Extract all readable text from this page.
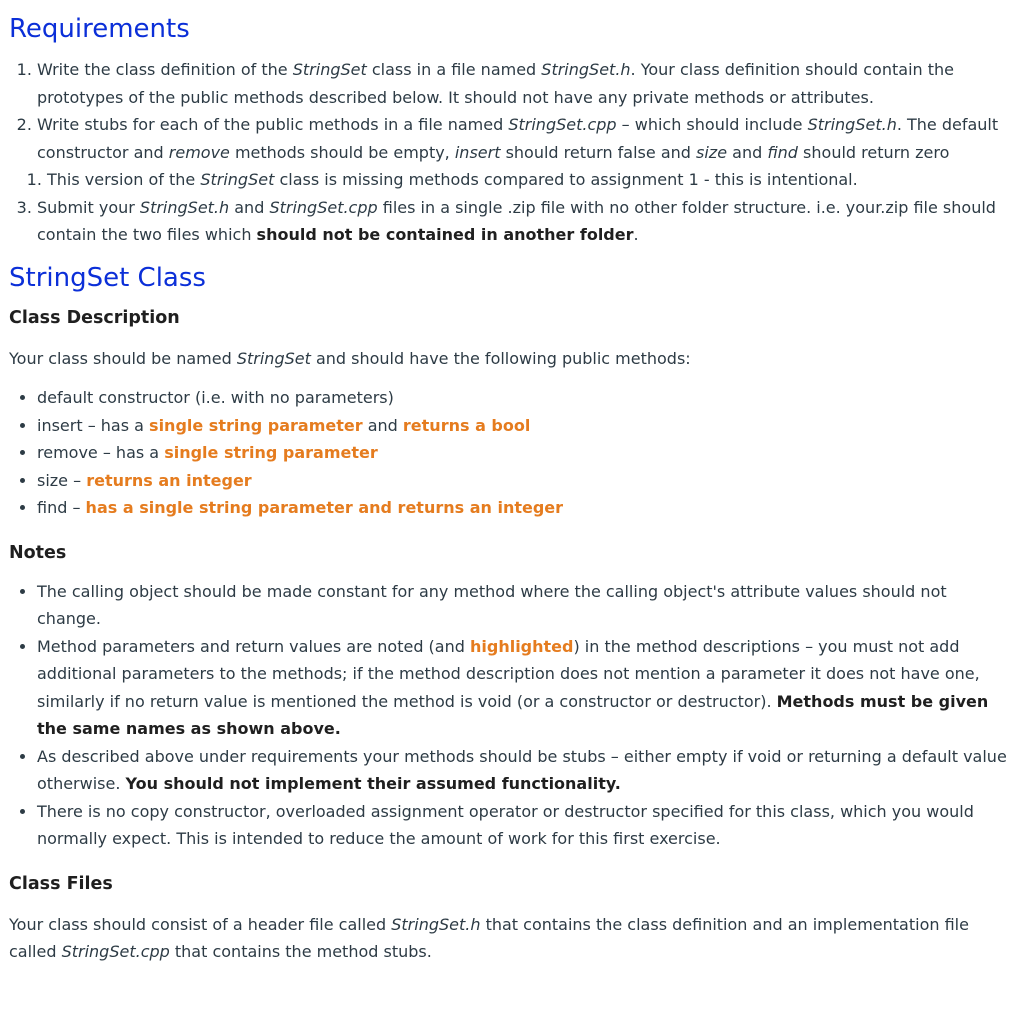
Requirements
1. Write the class definition of the StringSet class in a file named StringSet.h. Your class definition should contain the prototypes of the public methods described below. It should not have any private methods or attributes.
2. Write stubs for each of the public methods in a file named StringSet.cpp – which should include StringSet.h. The default constructor and remove methods should be empty, insert should return false and size and find should return zero
1. This version of the StringSet class is missing methods compared to assignment 1 - this is intentional.
3. Submit your StringSet.h and StringSet.cpp files in a single .zip file with no other folder structure. i.e. your.zip file should contain the two files which should not be contained in another folder.
StringSet Class
Class Description

Your class should be named StringSet and should have the following public methods:

• default constructor (i.e. with no parameters)
• insert – has a single string parameter and returns a bool
• remove – has a single string parameter
• size – returns an integer
• find – has a single string parameter and returns an integer
Notes
• The calling object should be made constant for any method where the calling object's attribute values should not change.
• Method parameters and return values are noted (and highlighted) in the method descriptions – you must not add additional parameters to the methods; if the method description does not mention a parameter it does not have one, similarly if no return value is mentioned the method is void (or a constructor or destructor). Methods must be given the same names as shown above.
• As described above under requirements your methods should be stubs – either empty if void or returning a default value otherwise. You should not implement their assumed functionality.
• There is no copy constructor, overloaded assignment operator or destructor specified for this class, which you would normally expect. This is intended to reduce the amount of work for this first exercise.
Class Files

Your class should consist of a header file called StringSet.h that contains the class definition and an implementation file called StringSet.cpp that contains the method stubs.
